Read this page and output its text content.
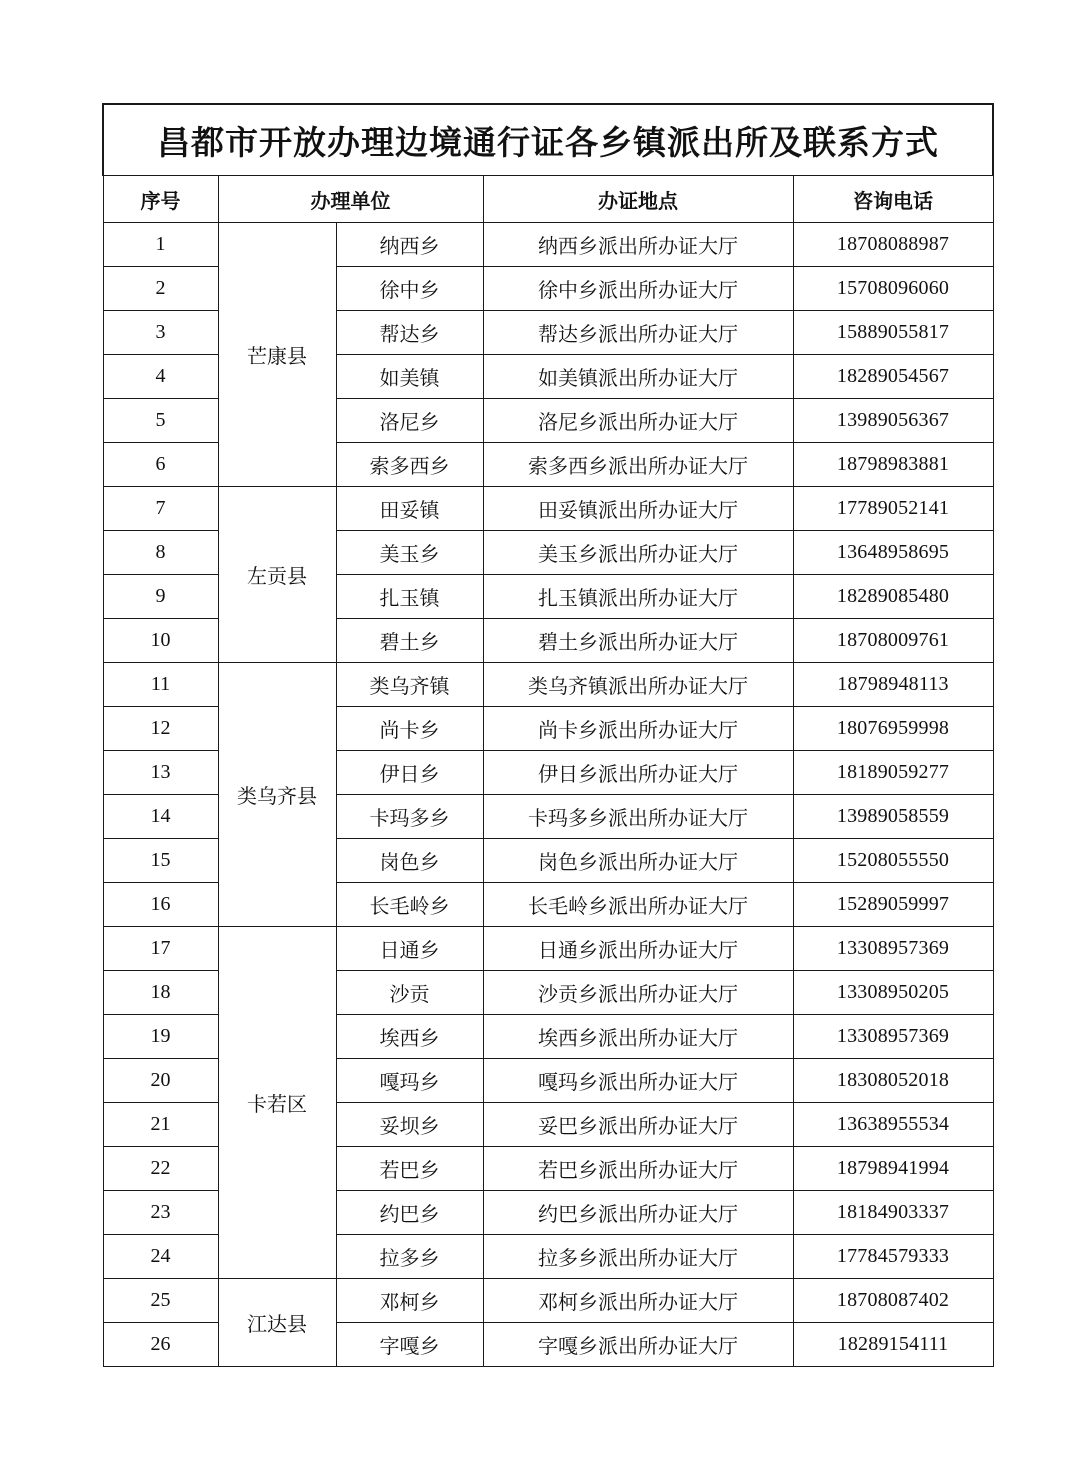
昌都市开放办理边境通行证各乡镇派出所及联系方式				
序号	办理单位		办证地点	咨询电话
1	芒康县	纳西乡	纳西乡派出所办证大厅	18708088987
2		徐中乡	徐中乡派出所办证大厅	15708096060
3		帮达乡	帮达乡派出所办证大厅	15889055817
4		如美镇	如美镇派出所办证大厅	18289054567
5		洛尼乡	洛尼乡派出所办证大厅	13989056367
6		索多西乡	索多西乡派出所办证大厅	18798983881
7	左贡县	田妥镇	田妥镇派出所办证大厅	17789052141
8		美玉乡	美玉乡派出所办证大厅	13648958695
9		扎玉镇	扎玉镇派出所办证大厅	18289085480
10		碧土乡	碧土乡派出所办证大厅	18708009761
11	类乌齐县	类乌齐镇	类乌齐镇派出所办证大厅	18798948113
12		尚卡乡	尚卡乡派出所办证大厅	18076959998
13		伊日乡	伊日乡派出所办证大厅	18189059277
14		卡玛多乡	卡玛多乡派出所办证大厅	13989058559
15		岗色乡	岗色乡派出所办证大厅	15208055550
16		长毛岭乡	长毛岭乡派出所办证大厅	15289059997
17	卡若区	日通乡	日通乡派出所办证大厅	13308957369
18		沙贡	沙贡乡派出所办证大厅	13308950205
19		埃西乡	埃西乡派出所办证大厅	13308957369
20		嘎玛乡	嘎玛乡派出所办证大厅	18308052018
21		妥坝乡	妥巴乡派出所办证大厅	13638955534
22		若巴乡	若巴乡派出所办证大厅	18798941994
23		约巴乡	约巴乡派出所办证大厅	18184903337
24		拉多乡	拉多乡派出所办证大厅	17784579333
25	江达县	邓柯乡	邓柯乡派出所办证大厅	18708087402
26		字嘎乡	字嘎乡派出所办证大厅	18289154111
